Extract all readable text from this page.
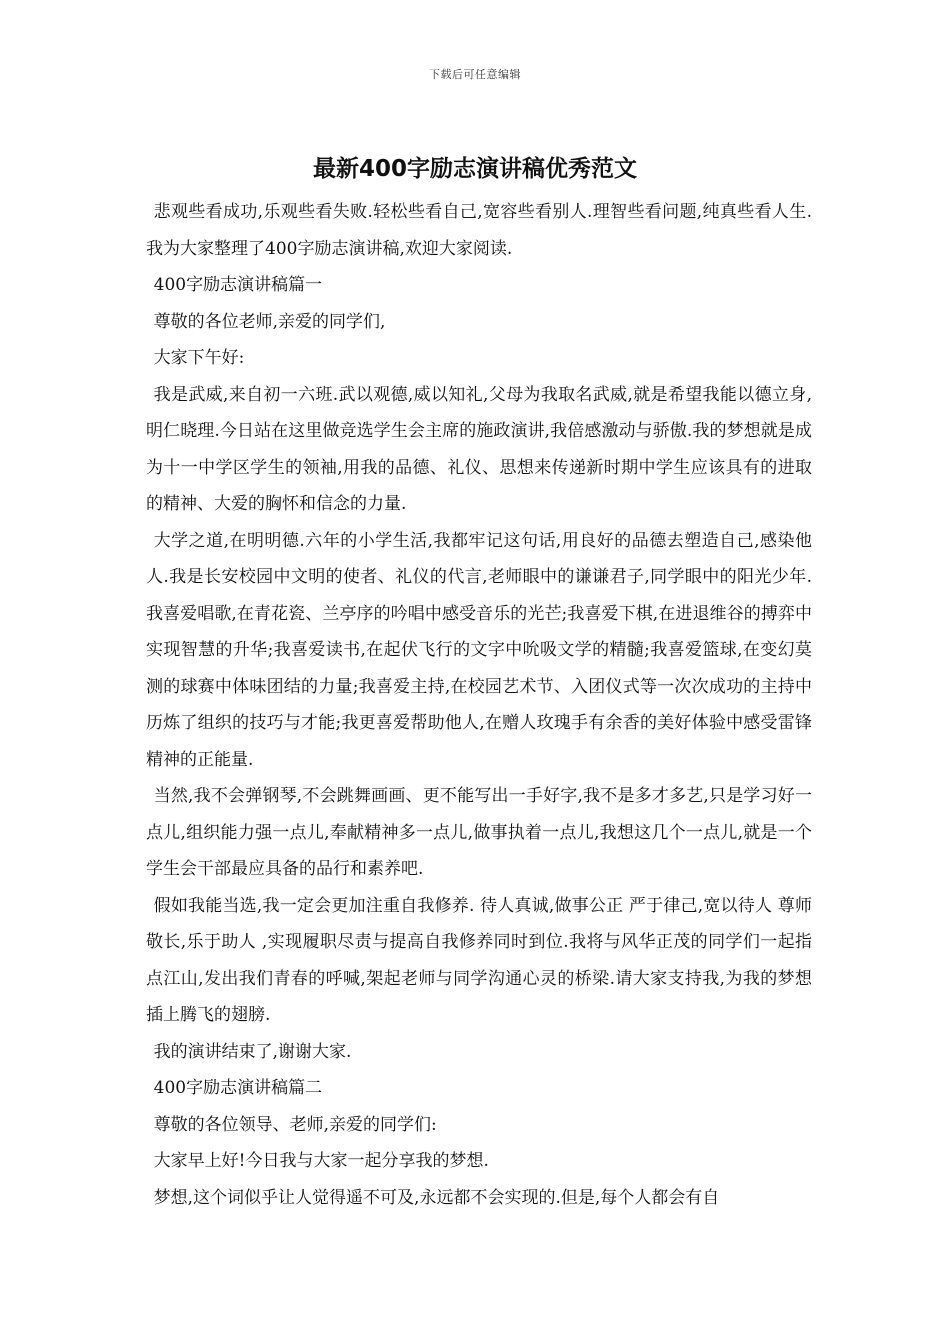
下载后可任意编辑
最新400字励志演讲稿优秀范文

悲观些看成功,乐观些看失败.轻松些看自己,宽容些看别人.理智些看问题,纯真些看人生.我为大家整理了400字励志演讲稿,欢迎大家阅读.

400字励志演讲稿篇一

尊敬的各位老师,亲爱的同学们,

大家下午好:

我是武威,来自初一六班.武以观德,威以知礼,父母为我取名武威,就是希望我能以德立身,明仁晓理.今日站在这里做竞选学生会主席的施政演讲,我倍感激动与骄傲.我的梦想就是成为十一中学区学生的领袖,用我的品德、礼仪、思想来传递新时期中学生应该具有的进取的精神、大爱的胸怀和信念的力量.

大学之道,在明明德.六年的小学生活,我都牢记这句话,用良好的品德去塑造自己,感染他人.我是长安校园中文明的使者、礼仪的代言,老师眼中的谦谦君子,同学眼中的阳光少年. 我喜爱唱歌,在青花瓷、兰亭序的吟唱中感受音乐的光芒;我喜爱下棋,在进退维谷的搏弈中实现智慧的升华;我喜爱读书,在起伏飞行的文字中吮吸文学的精髓;我喜爱篮球,在变幻莫测的球赛中体味团结的力量;我喜爱主持,在校园艺术节、入团仪式等一次次成功的主持中历炼了组织的技巧与才能;我更喜爱帮助他人,在赠人玫瑰手有余香的美好体验中感受雷锋精神的正能量.

当然,我不会弹钢琴,不会跳舞画画、更不能写出一手好字,我不是多才多艺,只是学习好一点儿,组织能力强一点儿,奉献精神多一点儿,做事执着一点儿,我想这几个一点儿,就是一个学生会干部最应具备的品行和素养吧.

假如我能当选,我一定会更加注重自我修养. 待人真诚,做事公正 严于律己,宽以待人 尊师敬长,乐于助人 ,实现履职尽责与提高自我修养同时到位.我将与风华正茂的同学们一起指点江山,发出我们青春的呼喊,架起老师与同学沟通心灵的桥梁.请大家支持我,为我的梦想插上腾飞的翅膀.

我的演讲结束了,谢谢大家.

400字励志演讲稿篇二

尊敬的各位领导、老师,亲爱的同学们:

大家早上好!今日我与大家一起分享我的梦想.

梦想,这个词似乎让人觉得遥不可及,永远都不会实现的.但是,每个人都会有自
